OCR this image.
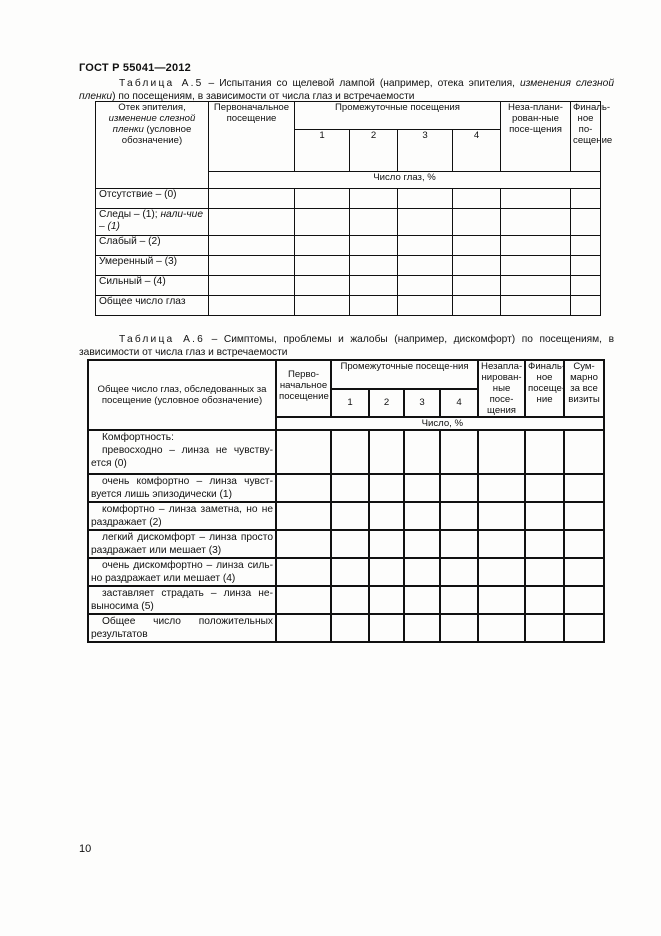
ГОСТ Р 55041—2012
Таблица А.5 – Испытания со щелевой лампой (например, отека эпителия, изменения слезной пленки) по посещениям, в зависимости от числа глаз и встречаемости
Отек эпителия, изменение слезной пленки (условное обозначение)	Первоначальное посещение	Промежуточные посещения				Неза-плани-рован-ные посе-щения	Финаль-ное по-сещение
		1	2	3	4		
	Число глаз, %						
Отсутствие – (0)							
Следы – (1); нали-чие – (1)							
Слабый – (2)							
Умеренный – (3)							
Сильный – (4)							
Общее число глаз							
Таблица А.6 – Симптомы, проблемы и жалобы (например, дискомфорт) по посещениям, в зависимости от числа глаз и встречаемости
Общее число глаз, обследованных за посещение (условное обозначение)	Перво-начальное посещение	Промежуточные посеще-ния				Незапла-нирован-ные посе-щения	Финаль-ное посеще-ние	Сум-марно за все визиты
		1	2	3	4			
	Число, %							

Комфортность:
превосходно – линза не чувству-ется (0)								

очень комфортно – линза чувст-вуется лишь эпизодически (1)								

комфортно – линза заметна, но не раздражает (2)								

легкий дискомфорт – линза просто раздражает или мешает (3)								

очень дискомфортно – линза силь-но раздражает или мешает (4)								

заставляет страдать – линза не-выносима (5)								

Общее число положительных результатов								

10
